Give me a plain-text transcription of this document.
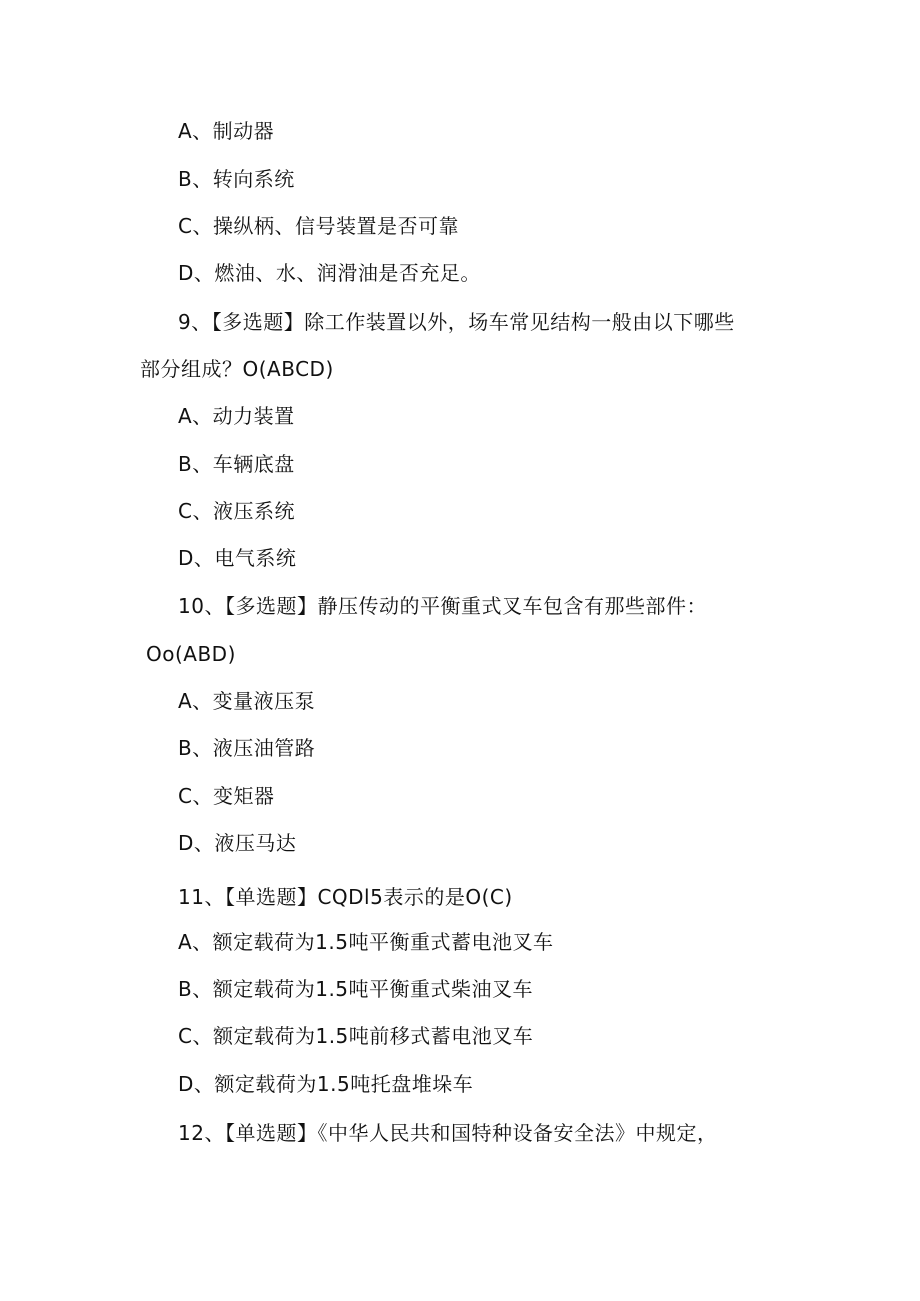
A、制动器
B、转向系统
C、操纵柄、信号装置是否可靠
D、燃油、水、润滑油是否充足。
9、【多选题】除工作装置以外，场车常见结构一般由以下哪些
部分组成？O(ABCD)
A、动力装置
B、车辆底盘
C、液压系统
D、电气系统
10、【多选题】静压传动的平衡重式叉车包含有那些部件：
Oo(ABD)
A、变量液压泵
B、液压油管路
C、变矩器
D、液压马达
11、【单选题】CQDl5表示的是O(C)
A、额定载荷为1.5吨平衡重式蓄电池叉车
B、额定载荷为1.5吨平衡重式柴油叉车
C、额定载荷为1.5吨前移式蓄电池叉车
D、额定载荷为1.5吨托盘堆垛车
12、【单选题】《中华人民共和国特种设备安全法》中规定，
